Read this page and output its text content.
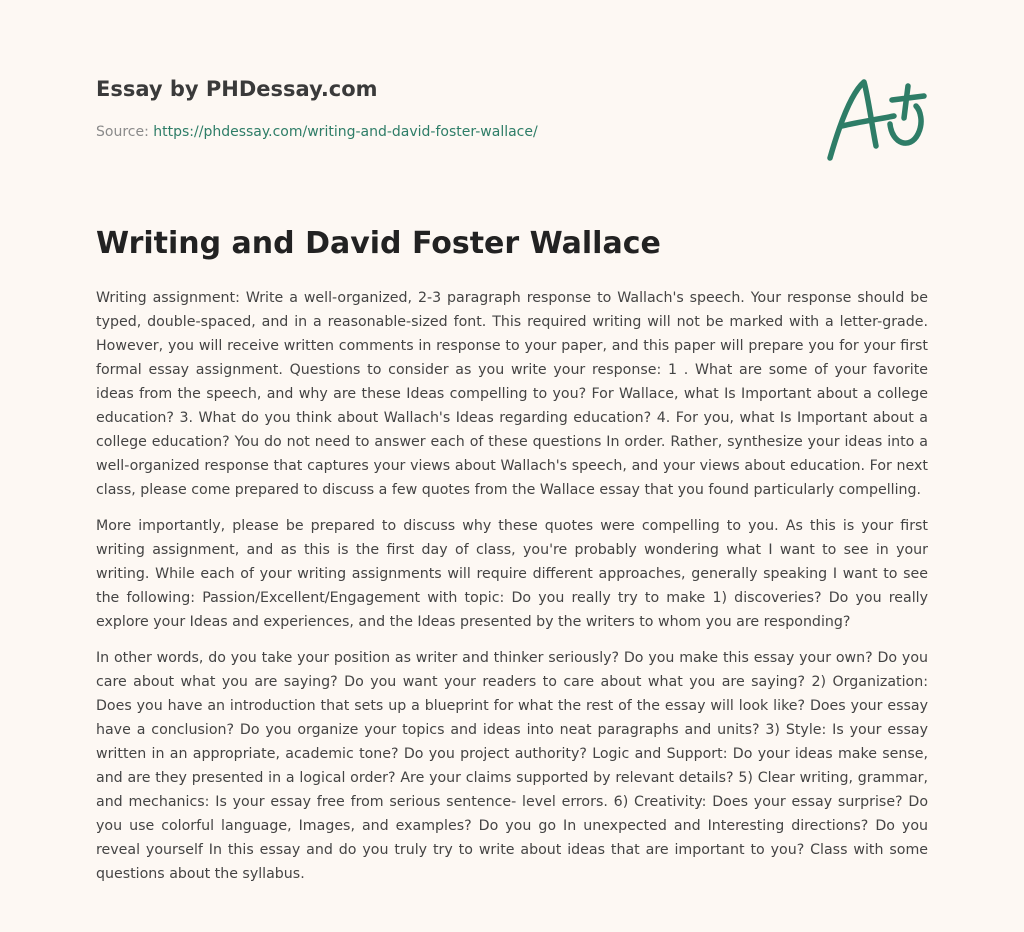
Essay by PHDessay.com
Source: https://phdessay.com/writing-and-david-foster-wallace/
Writing and David Foster Wallace

Writing assignment: Write a well-organized, 2-3 paragraph response to Wallach's speech. Your response should be typed, double-spaced, and in a reasonable-sized font. This required writing will not be marked with a letter-grade. However, you will receive written comments in response to your paper, and this paper will prepare you for your first formal essay assignment. Questions to consider as you write your response: 1 . What are some of your favorite ideas from the speech, and why are these Ideas compelling to you? For Wallace, what Is Important about a college education? 3. What do you think about Wallach's Ideas regarding education? 4. For you, what Is Important about a college education? You do not need to answer each of these questions In order. Rather, synthesize your ideas into a well-organized response that captures your views about Wallach's speech, and your views about education. For next class, please come prepared to discuss a few quotes from the Wallace essay that you found particularly compelling.

More importantly, please be prepared to discuss why these quotes were compelling to you. As this is your first writing assignment, and as this is the first day of class, you're probably wondering what I want to see in your writing. While each of your writing assignments will require different approaches, generally speaking I want to see the following: Passion/Excellent/Engagement with topic: Do you really try to make 1) discoveries? Do you really explore your Ideas and experiences, and the Ideas presented by the writers to whom you are responding?

In other words, do you take your position as writer and thinker seriously? Do you make this essay your own? Do you care about what you are saying? Do you want your readers to care about what you are saying? 2) Organization: Does you have an introduction that sets up a blueprint for what the rest of the essay will look like? Does your essay have a conclusion? Do you organize your topics and ideas into neat paragraphs and units? 3) Style: Is your essay written in an appropriate, academic tone? Do you project authority? Logic and Support: Do your ideas make sense, and are they presented in a logical order? Are your claims supported by relevant details? 5) Clear writing, grammar, and mechanics: Is your essay free from serious sentence- level errors. 6) Creativity: Does your essay surprise? Do you use colorful language, Images, and examples? Do you go In unexpected and Interesting directions? Do you reveal yourself In this essay and do you truly try to write about ideas that are important to you? Class with some questions about the syllabus.
